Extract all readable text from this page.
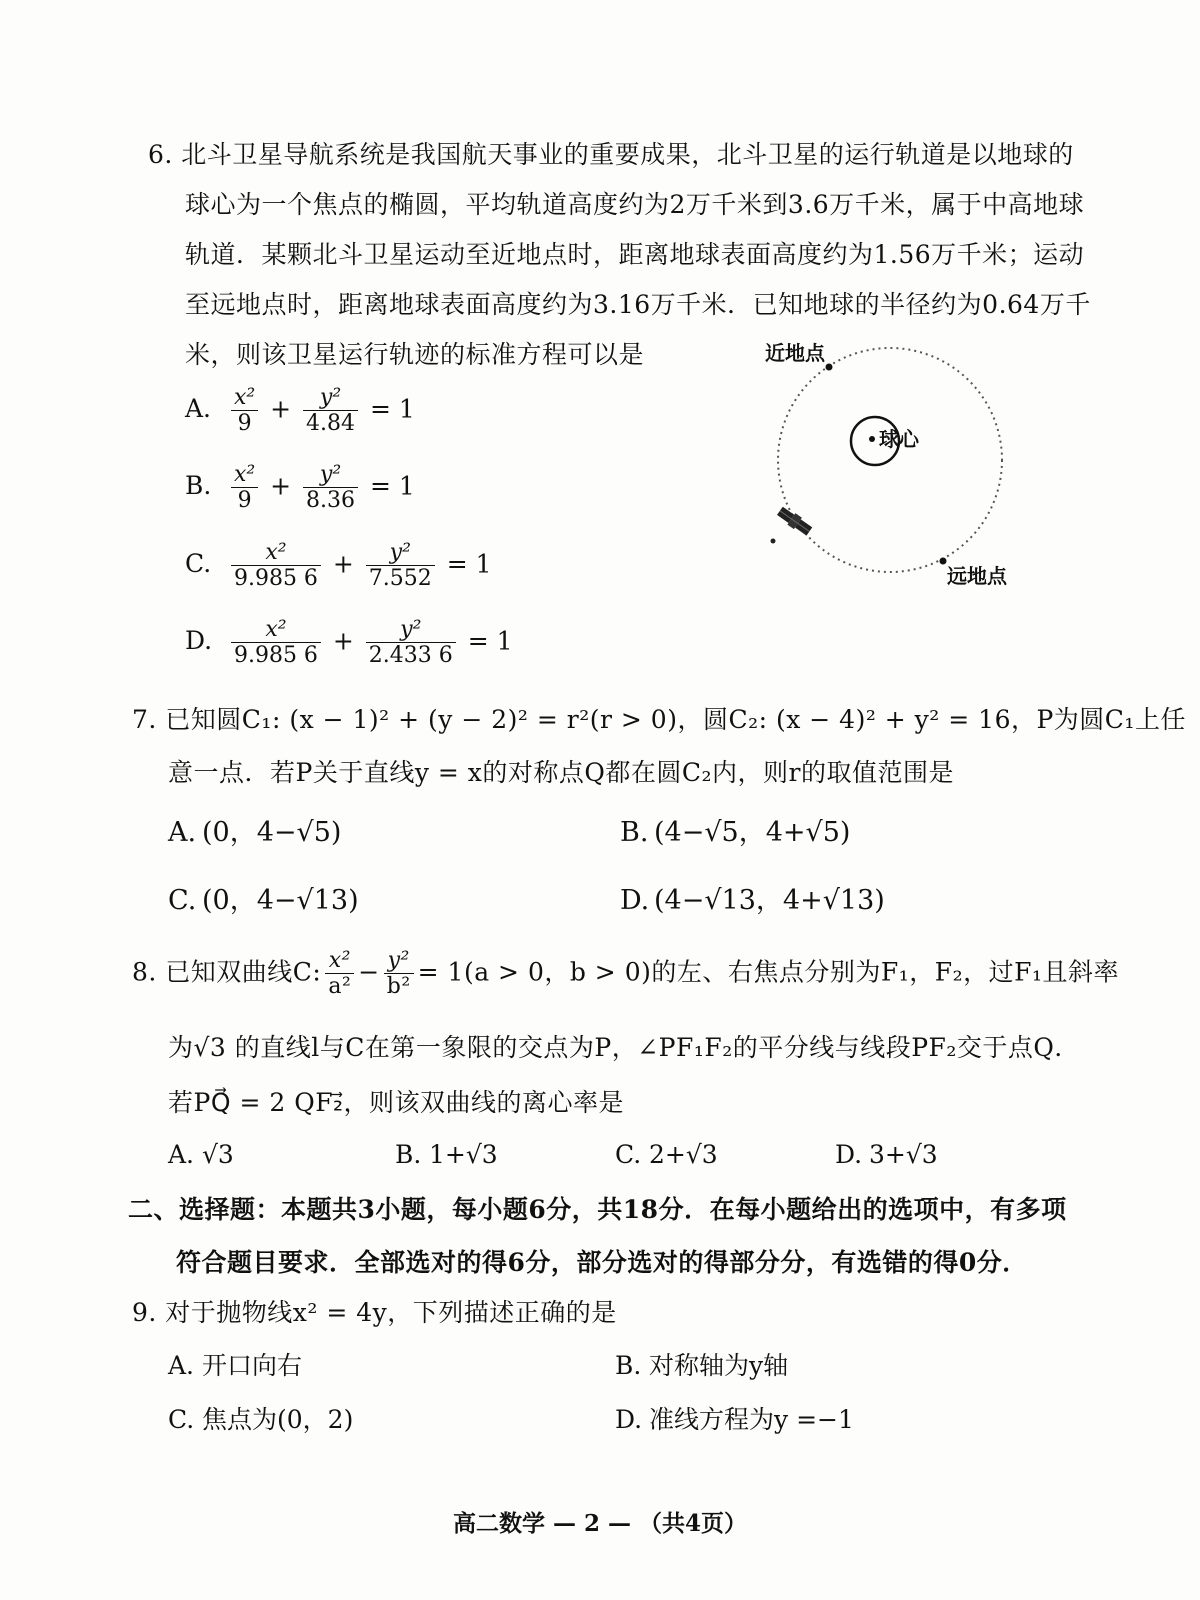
6. 北斗卫星导航系统是我国航天事业的重要成果，北斗卫星的运行轨道是以地球的
球心为一个焦点的椭圆，平均轨道高度约为2万千米到3.6万千米，属于中高地球
轨道．某颗北斗卫星运动至近地点时，距离地球表面高度约为1.56万千米；运动
至远地点时，距离地球表面高度约为3.16万千米．已知地球的半径约为0.64万千
米，则该卫星运行轨迹的标准方程可以是
A. $\frac{\text{x²}}{9} + \frac{\text{y²}}{4.84} = 1$
B. $\frac{\text{x²}}{9} + \frac{\text{y²}}{8.36} = 1$
C. $\frac{\text{x²}}{9.985 6} + \frac{\text{y²}}{7.552} = 1$
D. $\frac{\text{x²}}{9.985 6} + \frac{\text{y²}}{2.433 6} = 1$
近地点
球心
远地点
7. 已知圆C₁: (x − 1)² + (y − 2)² = r²(r > 0)，圆C₂: (x − 4)² + y² = 16，P为圆C₁上任
意一点．若P关于直线y = x的对称点Q都在圆C₂内，则r的取值范围是
A. (0，4−√5)	B. (4−√5，4+√5)
C. (0，4−√13)	D. (4−√13，4+√13)
8. 已知双曲线C: $\frac{\text{x²}}{\text{a²}} - \frac{\text{y²}}{\text{b²}} = 1(a > 0$，b > 0)的左、右焦点分别为F₁，F₂，过F₁且斜率
为√3 的直线l与C在第一象限的交点为P，∠PF₁F₂的平分线与线段PF₂交于点Q．
若PQ⃗ = 2 QF₂⃗，则该双曲线的离心率是
A. √3	B. 1+√3	C. 2+√3	D. 3+√3
二、选择题：本题共3小题，每小题6分，共18分．在每小题给出的选项中，有多项
符合题目要求．全部选对的得6分，部分选对的得部分分，有选错的得0分．
9. 对于抛物线x² = 4y，下列描述正确的是
A. 开口向右	B. 对称轴为y轴
C. 焦点为(0，2)	D. 准线方程为y =−1
高二数学 — 2 — （共4页）
